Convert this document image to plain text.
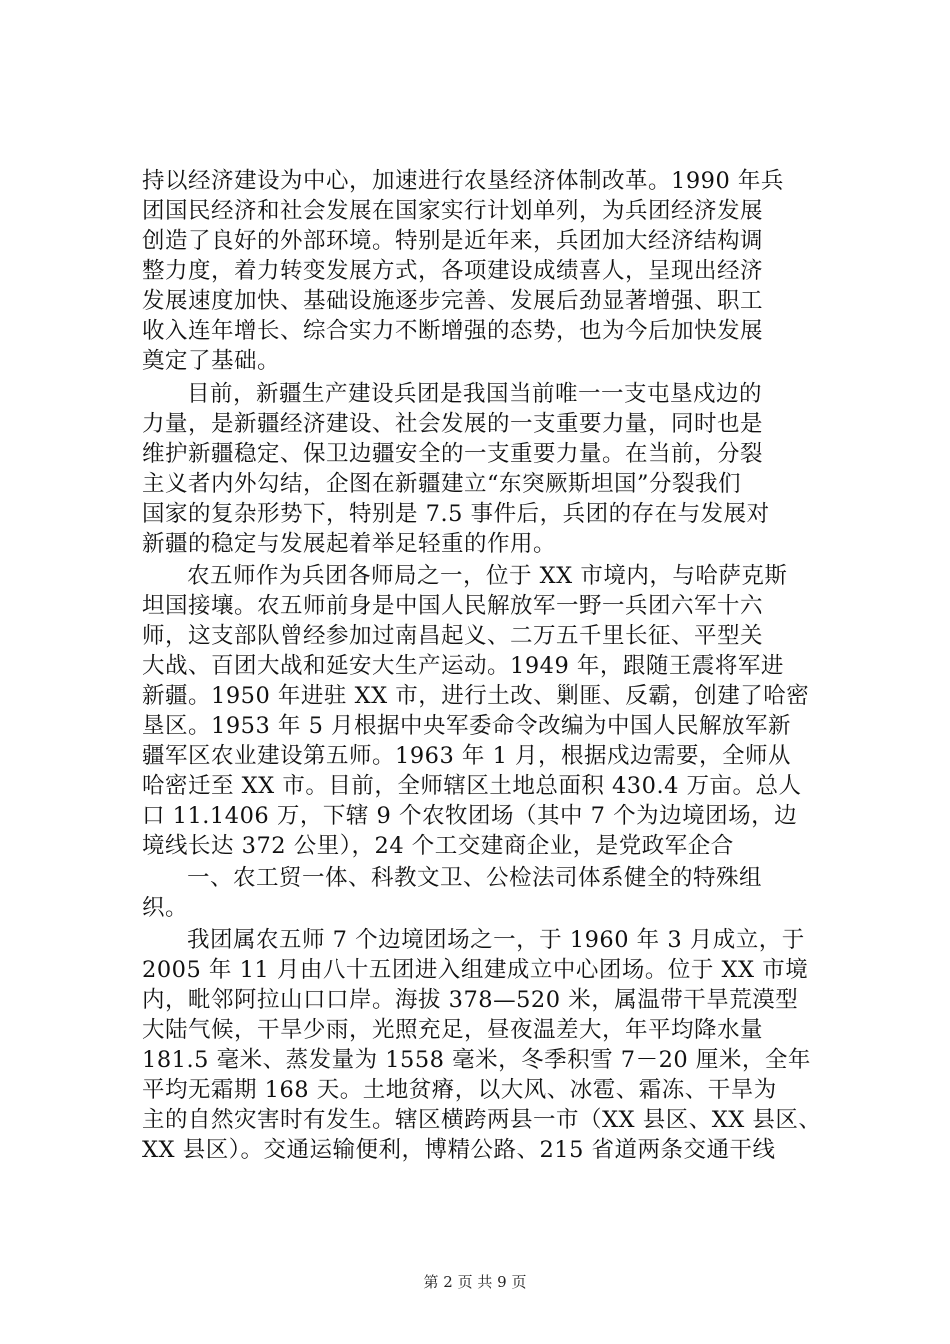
持以经济建设为中心，加速进行农垦经济体制改革。1990 年兵
团国民经济和社会发展在国家实行计划单列，为兵团经济发展
创造了良好的外部环境。特别是近年来，兵团加大经济结构调
整力度，着力转变发展方式，各项建设成绩喜人，呈现出经济
发展速度加快、基础设施逐步完善、发展后劲显著增强、职工
收入连年增长、综合实力不断增强的态势，也为今后加快发展
奠定了基础。
目前，新疆生产建设兵团是我国当前唯一一支屯垦戍边的
力量，是新疆经济建设、社会发展的一支重要力量，同时也是
维护新疆稳定、保卫边疆安全的一支重要力量。在当前，分裂
主义者内外勾结，企图在新疆建立“东突厥斯坦国”分裂我们
国家的复杂形势下，特别是 7.5 事件后，兵团的存在与发展对
新疆的稳定与发展起着举足轻重的作用。
农五师作为兵团各师局之一，位于 XX 市境内，与哈萨克斯
坦国接壤。农五师前身是中国人民解放军一野一兵团六军十六
师，这支部队曾经参加过南昌起义、二万五千里长征、平型关
大战、百团大战和延安大生产运动。1949 年，跟随王震将军进
新疆。1950 年进驻 XX 市，进行土改、剿匪、反霸，创建了哈密
垦区。1953 年 5 月根据中央军委命令改编为中国人民解放军新
疆军区农业建设第五师。1963 年 1 月，根据戍边需要，全师从
哈密迁至 XX 市。目前，全师辖区土地总面积 430.4 万亩。总人
口 11.1406 万，下辖 9 个农牧团场（其中 7 个为边境团场，边
境线长达 372 公里），24 个工交建商企业，是党政军企合
一、农工贸一体、科教文卫、公检法司体系健全的特殊组
织。
我团属农五师 7 个边境团场之一，于 1960 年 3 月成立，于
2005 年 11 月由八十五团进入组建成立中心团场。位于 XX 市境
内，毗邻阿拉山口口岸。海拔 378—520 米，属温带干旱荒漠型
大陆气候，干旱少雨，光照充足，昼夜温差大，年平均降水量
181.5 毫米、蒸发量为 1558 毫米，冬季积雪 7－20 厘米，全年
平均无霜期 168 天。土地贫瘠，以大风、冰雹、霜冻、干旱为
主的自然灾害时有发生。辖区横跨两县一市（XX 县区、XX 县区、
XX 县区）。交通运输便利，博精公路、215 省道两条交通干线
第 2 页 共 9 页
